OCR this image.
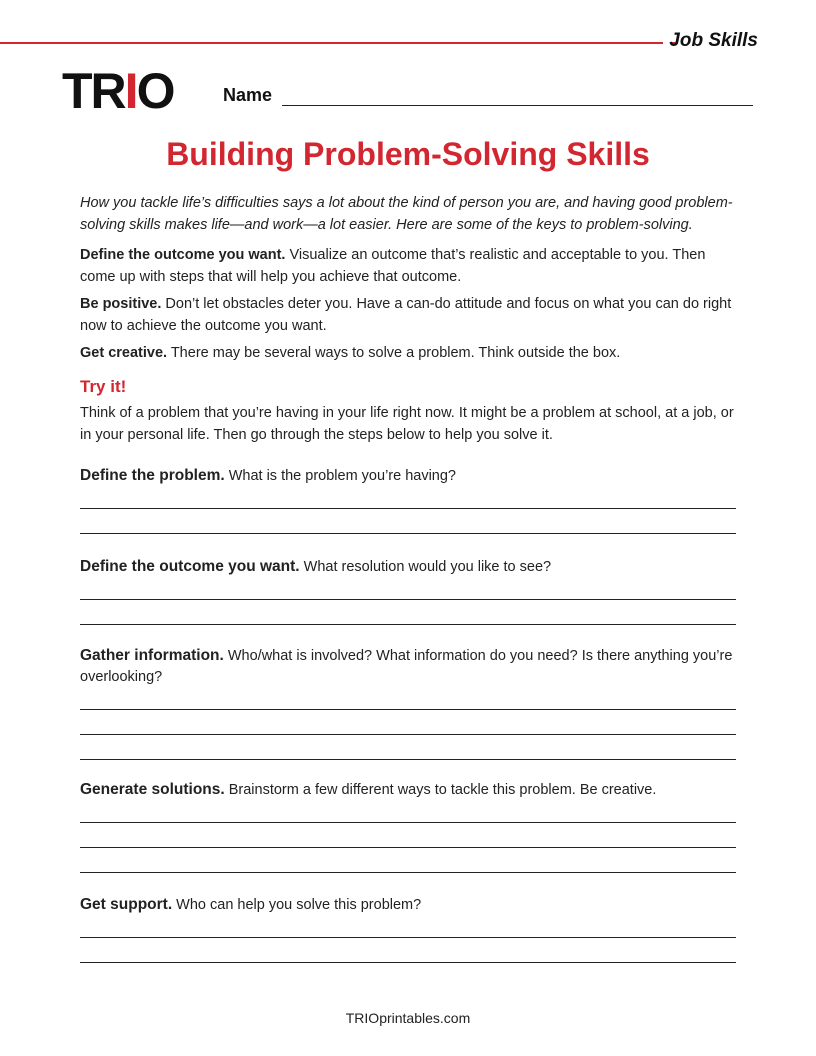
Job Skills
TRIO	Name
Building Problem-Solving Skills

How you tackle life’s difficulties says a lot about the kind of person you are, and having good problem-solving skills makes life—and work—a lot easier. Here are some of the keys to problem-solving.

Define the outcome you want. Visualize an outcome that’s realistic and acceptable to you. Then come up with steps that will help you achieve that outcome.

Be positive. Don’t let obstacles deter you. Have a can-do attitude and focus on what you can do right now to achieve the outcome you want.

Get creative. There may be several ways to solve a problem. Think outside the box.

Try it!

Think of a problem that you’re having in your life right now. It might be a problem at school, at a job, or in your personal life. Then go through the steps below to help you solve it.

Define the problem. What is the problem you’re having?
Define the outcome you want. What resolution would you like to see?
Gather information. Who/what is involved? What information do you need? Is there anything you’re overlooking?
Generate solutions. Brainstorm a few different ways to tackle this problem. Be creative.
Get support. Who can help you solve this problem?
TRIOprintables.com
